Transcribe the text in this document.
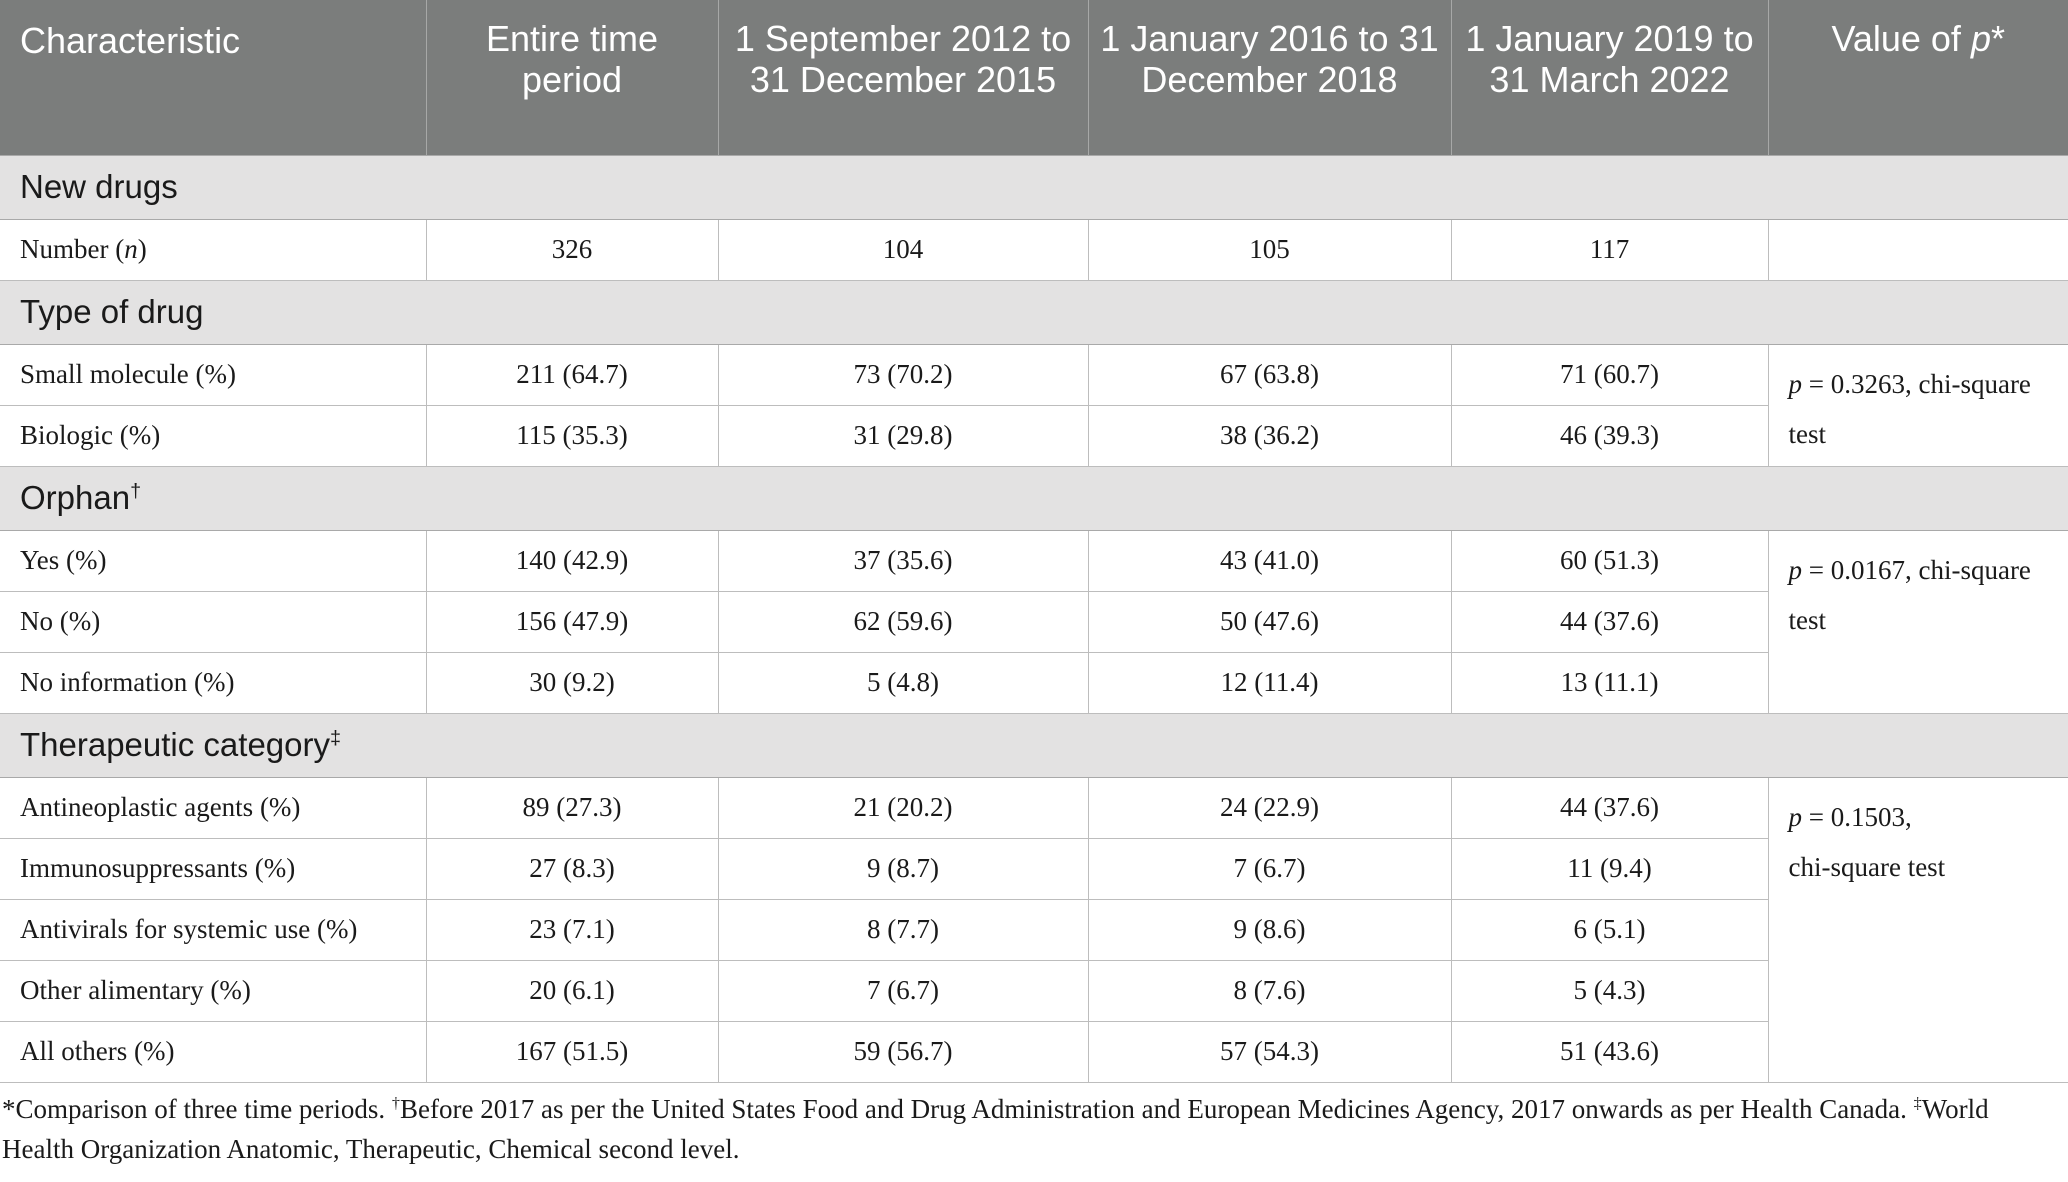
Characteristic	Entire time period	1 September 2012 to 31 December 2015	1 January 2016 to 31 December 2018	1 January 2019 to 31 March 2022	Value of p*
New drugs					
Number (n)	326	104	105	117	
Type of drug					
Small molecule (%)	211 (64.7)	73 (70.2)	67 (63.8)	71 (60.7)	p = 0.3263, chi-square
test
Biologic (%)	115 (35.3)	31 (29.8)	38 (36.2)	46 (39.3)	
Orphan†
Yes (%)	140 (42.9)	37 (35.6)	43 (41.0)	60 (51.3)	p = 0.0167, chi-square
test
No (%)	156 (47.9)	62 (59.6)	50 (47.6)	44 (37.6)	
No information (%)	30 (9.2)	5 (4.8)	12 (11.4)	13 (11.1)	
Therapeutic category‡
Antineoplastic agents (%)	89 (27.3)	21 (20.2)	24 (22.9)	44 (37.6)	p = 0.1503,
chi-square test
Immunosuppressants (%)	27 (8.3)	9 (8.7)	7 (6.7)	11 (9.4)	
Antivirals for systemic use (%)	23 (7.1)	8 (7.7)	9 (8.6)	6 (5.1)	
Other alimentary (%)	20 (6.1)	7 (6.7)	8 (7.6)	5 (4.3)	
All others (%)	167 (51.5)	59 (56.7)	57 (54.3)	51 (43.6)	
*Comparison of three time periods. †Before 2017 as per the United States Food and Drug Administration and European Medicines Agency, 2017 onwards as per Health Canada. ‡World Health Organization Anatomic, Therapeutic, Chemical second level.
